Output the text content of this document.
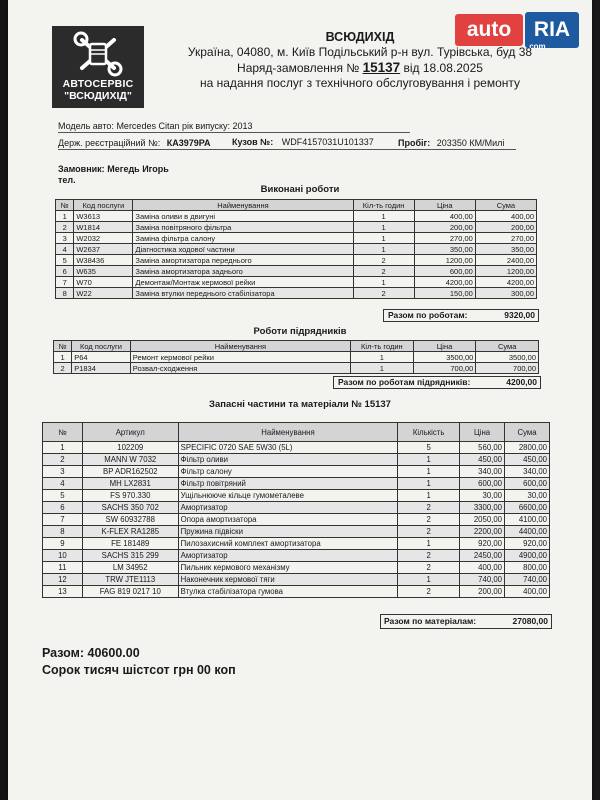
АВТОСЕРВІС
"ВСЮДИХІД"
auto	RIA
.com
ВСЮДИХІД
Україна, 04080, м. Київ Подільський р-н вул. Турівська, буд 38
Наряд-замовлення № 15137 від 18.08.2025
на надання послуг з технічного обслуговування і ремонту
Модель авто: Mercedes Citan рік випуску: 2013
Держ. реєстраційний №: КА3979РА Кузов №: WDF4157031U101337	Пробіг: 203350 КМ/Милі
Замовник: Мегедь Игорь
тел.
Виконані роботи
№	Код послуги	Найменування	Кіл-ть годин	Ціна	Сума
1	W3613	Заміна оливи в двигуні	1	400,00	400,00
2	W1814	Заміна повітряного фільтра	1	200,00	200,00
3	W2032	Заміна фільтра салону	1	270,00	270,00
4	W2637	Діагностика ходової частини	1	350,00	350,00
5	W38436	Заміна амортизатора переднього	2	1200,00	2400,00
6	W635	Заміна амортизатора заднього	2	600,00	1200,00
7	W70	Демонтаж/Монтаж кермової рейки	1	4200,00	4200,00
8	W22	Заміна втулки переднього стабілізатора	2	150,00	300,00
Разом по роботам:	9320,00
Роботи підрядників
№	Код послуги	Найменування	Кіл-ть годин	Ціна	Сума
1	P64	Ремонт кермової рейки	1	3500,00	3500,00
2	P1834	Розвал-сходження	1	700,00	700,00
Разом по роботам підрядників:	4200,00
Запасні частини та матеріали № 15137
№	Артикул	Найменування	Кількість	Ціна	Сума
1	102209	SPECIFIC 0720 SAE 5W30 (5L)	5	560,00	2800,00
2	MANN W 7032	Фільтр оливи	1	450,00	450,00
3	BP ADR162502	Фільтр салону	1	340,00	340,00
4	MH LX2831	Фільтр повітряний	1	600,00	600,00
5	FS 970.330	Ущільнююче кільце гумометалеве	1	30,00	30,00
6	SACHS 350 702	Амортизатор	2	3300,00	6600,00
7	SW 60932788	Опора амортизатора	2	2050,00	4100,00
8	K-FLEX RA1285	Пружина підвіски	2	2200,00	4400,00
9	FE 181489	Пилозахисний комплект амортизатора	1	920,00	920,00
10	SACHS 315 299	Амортизатор	2	2450,00	4900,00
11	LM 34952	Пильник кермового механізму	2	400,00	800,00
12	TRW JTE1113	Наконечник кермової тяги	1	740,00	740,00
13	FAG 819 0217 10	Втулка стабілізатора гумова	2	200,00	400,00
Разом по матеріалам:	27080,00
Разом: 40600.00
Сорок тисяч шістсот грн 00 коп
